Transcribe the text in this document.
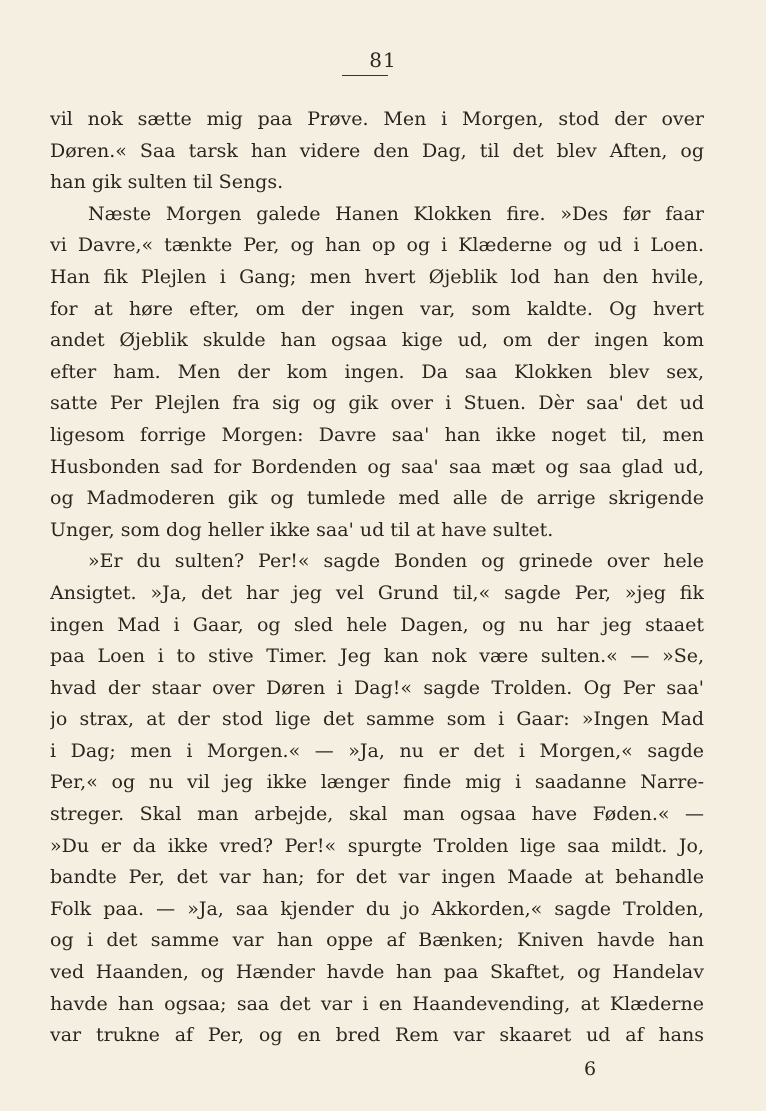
81
vil nok sætte mig paa Prøve. Men i Morgen, stod der over
Døren.« Saa tarsk han videre den Dag, til det blev Aften, og
han gik sulten til Sengs.
Næste Morgen galede Hanen Klokken fire. »Des før faar
vi Davre,« tænkte Per, og han op og i Klæderne og ud i Loen.
Han fik Plejlen i Gang; men hvert Øjeblik lod han den hvile,
for at høre efter, om der ingen var, som kaldte. Og hvert
andet Øjeblik skulde han ogsaa kige ud, om der ingen kom
efter ham. Men der kom ingen. Da saa Klokken blev sex,
satte Per Plejlen fra sig og gik over i Stuen. Dèr saa' det ud
ligesom forrige Morgen: Davre saa' han ikke noget til, men
Husbonden sad for Bordenden og saa' saa mæt og saa glad ud,
og Madmoderen gik og tumlede med alle de arrige skrigende
Unger, som dog heller ikke saa' ud til at have sultet.
»Er du sulten? Per!« sagde Bonden og grinede over hele
Ansigtet. »Ja, det har jeg vel Grund til,« sagde Per, »jeg fik
ingen Mad i Gaar, og sled hele Dagen, og nu har jeg staaet
paa Loen i to stive Timer. Jeg kan nok være sulten.« — »Se,
hvad der staar over Døren i Dag!« sagde Trolden. Og Per saa'
jo strax, at der stod lige det samme som i Gaar: »Ingen Mad
i Dag; men i Morgen.« — »Ja, nu er det i Morgen,« sagde
Per,« og nu vil jeg ikke længer finde mig i saadanne Narre-
streger. Skal man arbejde, skal man ogsaa have Føden.« —
»Du er da ikke vred? Per!« spurgte Trolden lige saa mildt. Jo,
bandte Per, det var han; for det var ingen Maade at behandle
Folk paa. — »Ja, saa kjender du jo Akkorden,« sagde Trolden,
og i det samme var han oppe af Bænken; Kniven havde han
ved Haanden, og Hænder havde han paa Skaftet, og Handelav
havde han ogsaa; saa det var i en Haandevending, at Klæderne
var trukne af Per, og en bred Rem var skaaret ud af hans
6
